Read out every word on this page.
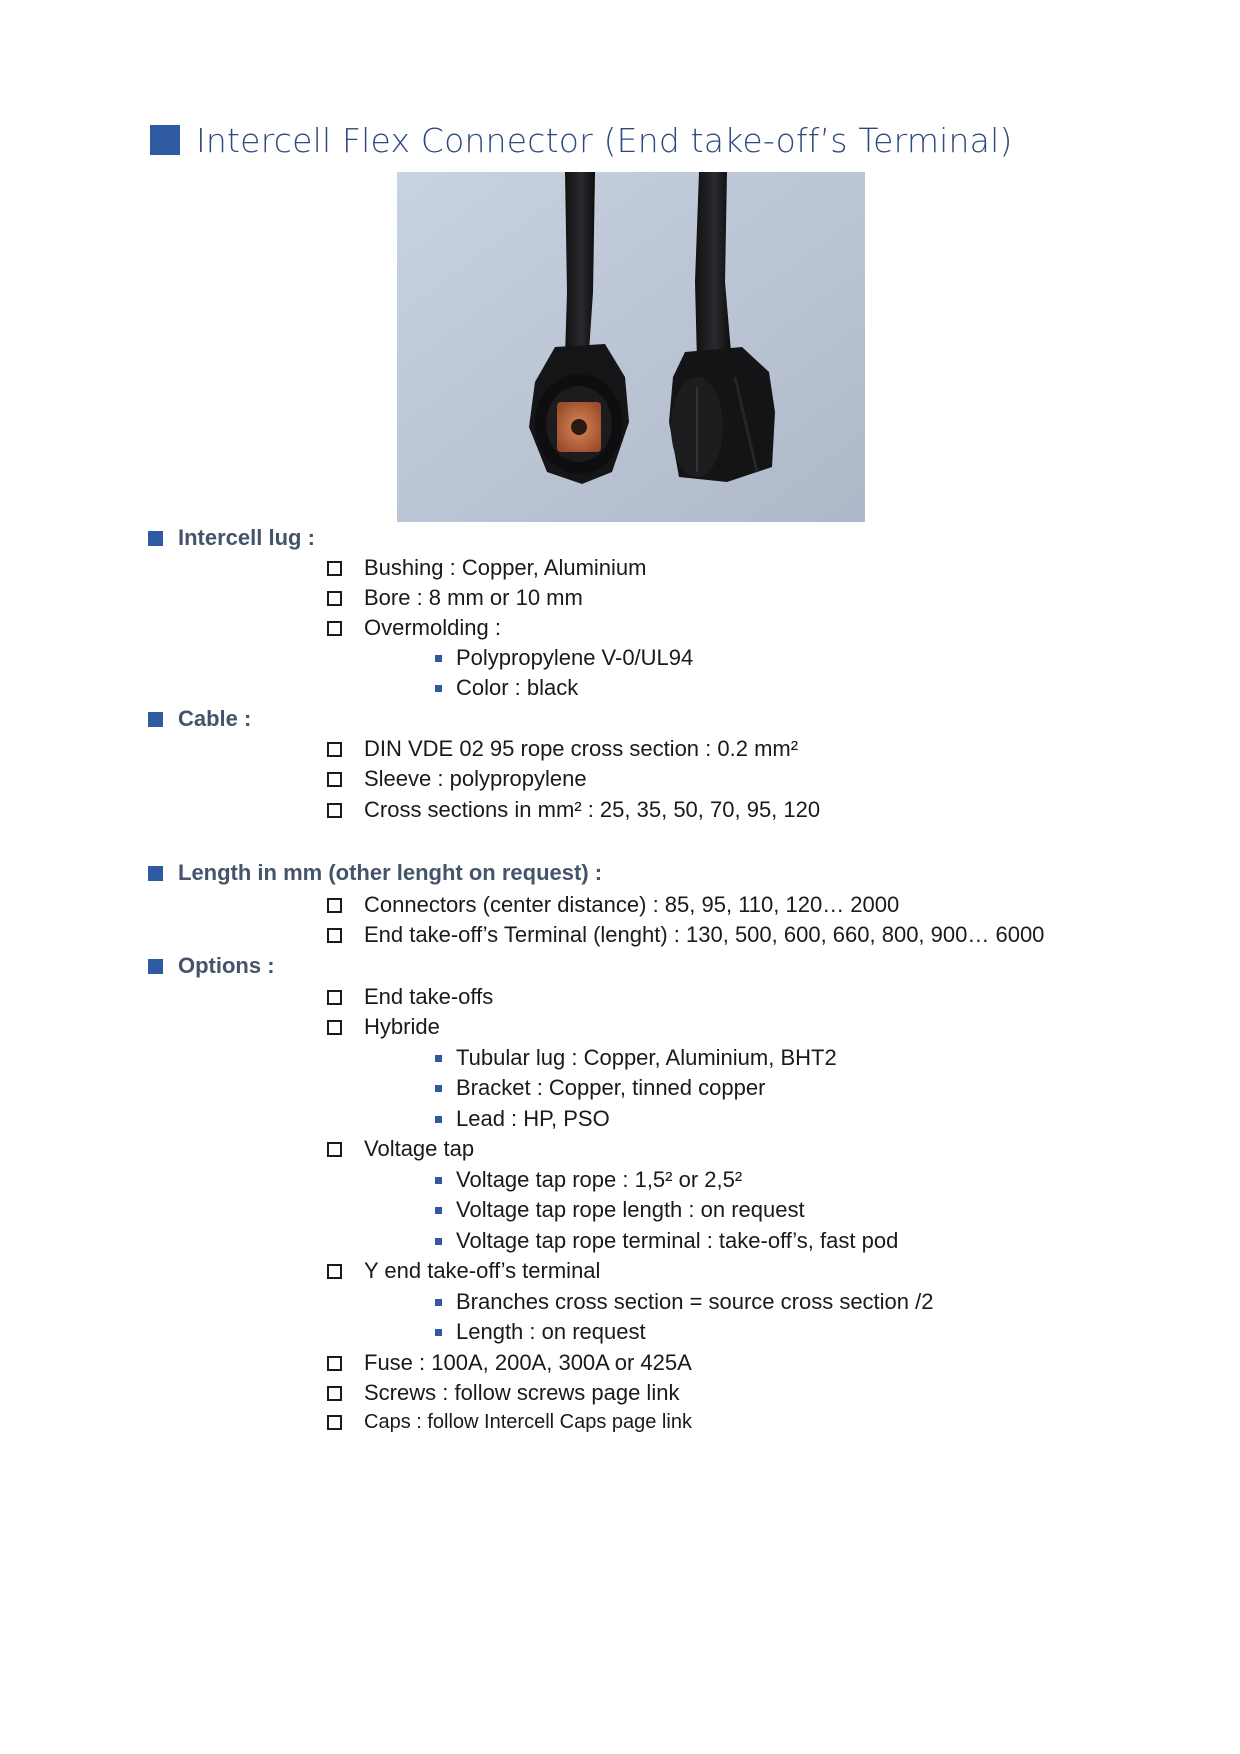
Intercell Flex Connector (End take-off’s Terminal)
Intercell lug :
Bushing : Copper, Aluminium
Bore : 8 mm or 10 mm
Overmolding :
Polypropylene V-0/UL94
Color : black
Cable :
DIN VDE 02 95 rope cross section : 0.2 mm²
Sleeve : polypropylene
Cross sections in mm² : 25, 35, 50, 70, 95, 120
Length in mm (other lenght on request) :
Connectors (center distance) : 85, 95, 110, 120… 2000
End take-off’s Terminal (lenght) : 130, 500, 600, 660, 800, 900… 6000
Options :
End take-offs
Hybride
Tubular lug : Copper, Aluminium, BHT2
Bracket : Copper, tinned copper
Lead : HP, PSO
Voltage tap
Voltage tap rope : 1,5² or 2,5²
Voltage tap rope length : on request
Voltage tap rope terminal : take-off’s, fast pod
Y end take-off’s terminal
Branches cross section = source cross section /2
Length : on request
Fuse : 100A, 200A, 300A or 425A
Screws : follow screws page link
Caps : follow Intercell Caps page link
